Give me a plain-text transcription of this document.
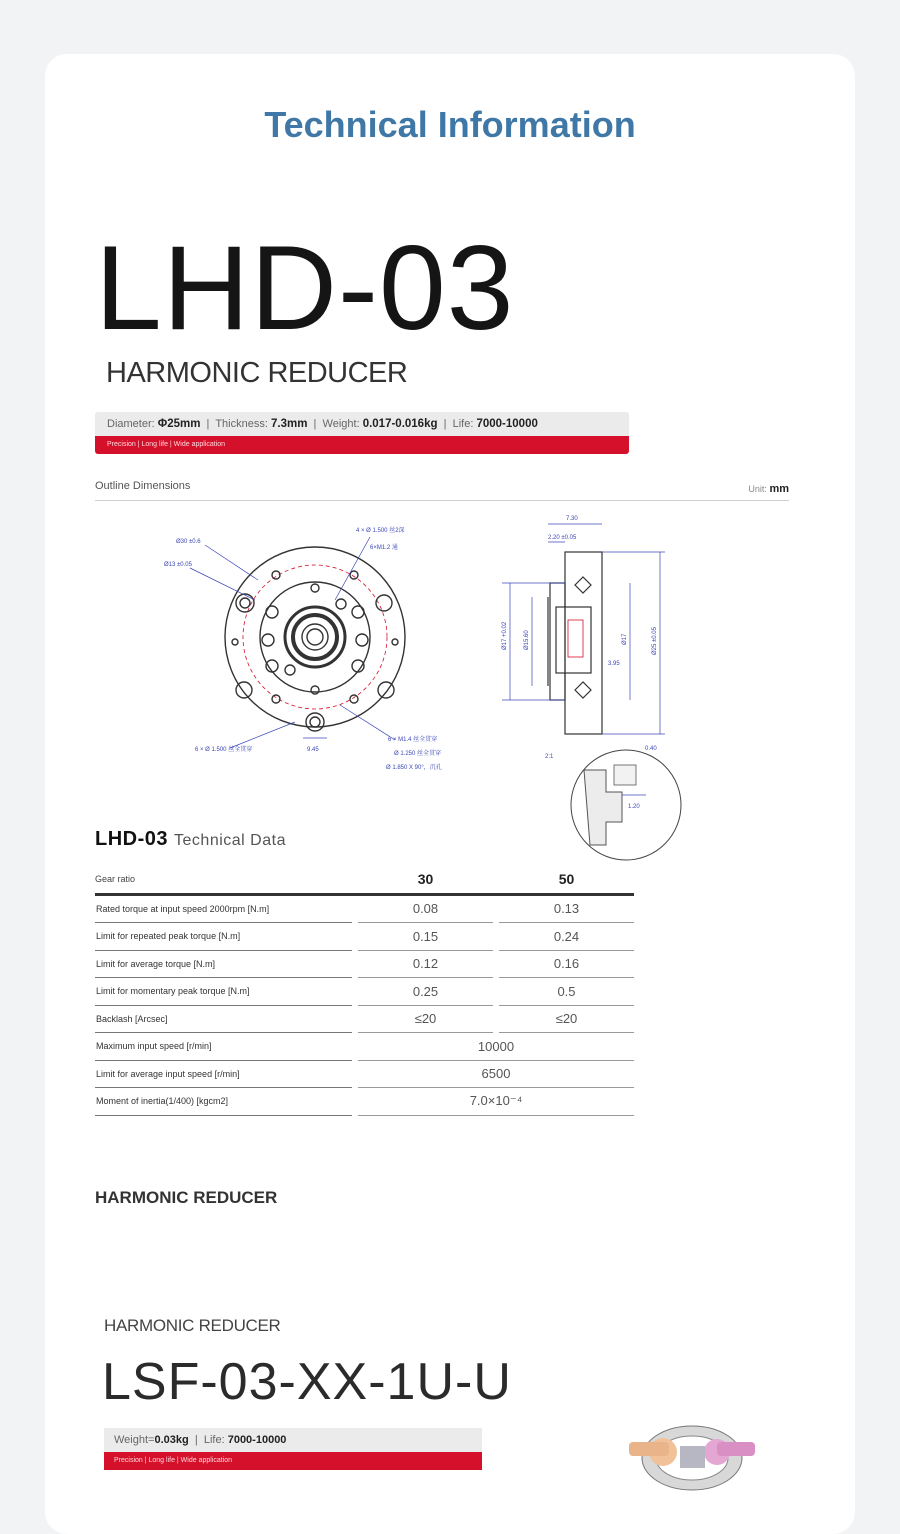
Technical Information
LHD-03
HARMONIC REDUCER
Diameter: Φ25mm  |  Thickness: 7.3mm  |  Weight: 0.017-0.016kg  |  Life: 7000-10000
Precision | Long life | Wide application
Outline Dimensions	Unit: mm
Ø30 ±0.6
Ø13 ±0.05
4 × Ø 1.500 丝2深
6×M1.2 通
6 × Ø 1.500 丝全贯穿	9.45
6 × M1.4 丝全贯穿
Ø 1.250 丝全贯穿
Ø 1.850 X 90°，沉孔
7.30
2.20 ±0.05
Ø17 +0.02	Ø15.60	Ø17	Ø25 ±0.05
3.95
0.40
2:1
1.20
LHD-03 Technical Data
Gear ratio		30		50
Rated torque at input speed 2000rpm [N.m]		0.08		0.13
Limit for repeated peak torque [N.m]		0.15		0.24
Limit for average torque [N.m]		0.12		0.16
Limit for momentary peak torque [N.m]		0.25		0.5
Backlash [Arcsec]		≤20		≤20
Maximum input speed [r/min]		10000		
Limit for average input speed [r/min]		6500		
Moment of inertia(1/400) [kgcm2]		7.0×10⁻⁴		
HARMONIC REDUCER
HARMONIC REDUCER
LSF-03-XX-1U-U
Weight=0.03kg  |  Life: 7000-10000
Precision | Long life | Wide application
